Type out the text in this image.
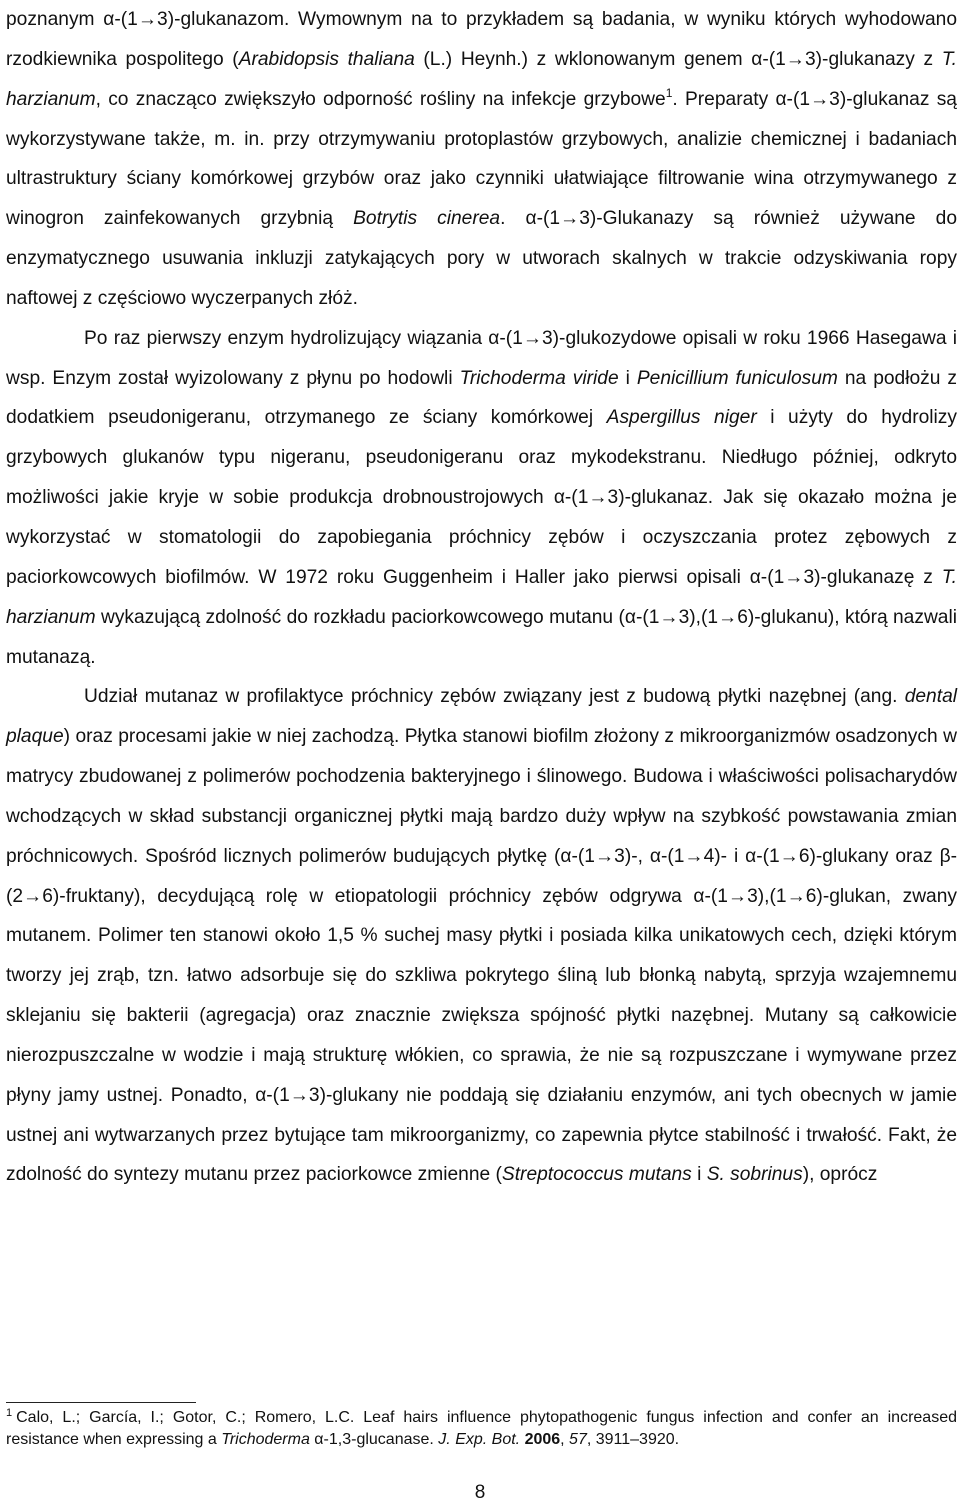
poznanym α-(1→3)-glukanazom. Wymownym na to przykładem są badania, w wyniku których wyhodowano rzodkiewnika pospolitego (Arabidopsis thaliana (L.) Heynh.) z wklonowanym genem α-(1→3)-glukanazy z T. harzianum, co znacząco zwiększyło odporność rośliny na infekcje grzybowe$^1$. Preparaty α-(1→3)-glukanaz są wykorzystywane także, m. in. przy otrzymywaniu protoplastów grzybowych, analizie chemicznej i badaniach ultrastruktury ściany komórkowej grzybów oraz jako czynniki ułatwiające filtrowanie wina otrzymywanego z winogron zainfekowanych grzybnią Botrytis cinerea. α-(1→3)-Glukanazy są również używane do enzymatycznego usuwania inkluzji zatykających pory w utworach skalnych w trakcie odzyskiwania ropy naftowej z częściowo wyczerpanych złóż.

Po raz pierwszy enzym hydrolizujący wiązania α-(1→3)-glukozydowe opisali w roku 1966 Hasegawa i wsp. Enzym został wyizolowany z płynu po hodowli Trichoderma viride i Penicillium funiculosum na podłożu z dodatkiem pseudonigeranu, otrzymanego ze ściany komórkowej Aspergillus niger i użyty do hydrolizy grzybowych glukanów typu nigeranu, pseudonigeranu oraz mykodekstranu. Niedługo później, odkryto możliwości jakie kryje w sobie produkcja drobnoustrojowych α-(1→3)-glukanaz. Jak się okazało można je wykorzystać w stomatologii do zapobiegania próchnicy zębów i oczyszczania protez zębowych z paciorkowcowych biofilmów. W 1972 roku Guggenheim i Haller jako pierwsi opisali α-(1→3)-glukanazę z T. harzianum wykazującą zdolność do rozkładu paciorkowcowego mutanu (α-(1→3),(1→6)-glukanu), którą nazwali mutanazą.

Udział mutanaz w profilaktyce próchnicy zębów związany jest z budową płytki nazębnej (ang. dental plaque) oraz procesami jakie w niej zachodzą. Płytka stanowi biofilm złożony z mikroorganizmów osadzonych w matrycy zbudowanej z polimerów pochodzenia bakteryjnego i ślinowego. Budowa i właściwości polisacharydów wchodzących w skład substancji organicznej płytki mają bardzo duży wpływ na szybkość powstawania zmian próchnicowych. Spośród licznych polimerów budujących płytkę (α-(1→3)-, α-(1→4)- i α-(1→6)-glukany oraz β-(2→6)-fruktany), decydującą rolę w etiopatologii próchnicy zębów odgrywa α-(1→3),(1→6)-glukan, zwany mutanem. Polimer ten stanowi około 1,5 % suchej masy płytki i posiada kilka unikatowych cech, dzięki którym tworzy jej zrąb, tzn. łatwo adsorbuje się do szkliwa pokrytego śliną lub błonką nabytą, sprzyja wzajemnemu sklejaniu się bakterii (agregacja) oraz znacznie zwiększa spójność płytki nazębnej. Mutany są całkowicie nierozpuszczalne w wodzie i mają strukturę włókien, co sprawia, że nie są rozpuszczane i wymywane przez płyny jamy ustnej. Ponadto, α-(1→3)-glukany nie poddają się działaniu enzymów, ani tych obecnych w jamie ustnej ani wytwarzanych przez bytujące tam mikroorganizmy, co zapewnia płytce stabilność i trwałość. Fakt, że zdolność do syntezy mutanu przez paciorkowce zmienne (Streptococcus mutans i S. sobrinus), oprócz

$^1$ Calo, L.; García, I.; Gotor, C.; Romero, L.C. Leaf hairs influence phytopathogenic fungus infection and confer an increased resistance when expressing a Trichoderma α-1,3-glucanase. J. Exp. Bot. 2006, 57, 3911–3920.
8
